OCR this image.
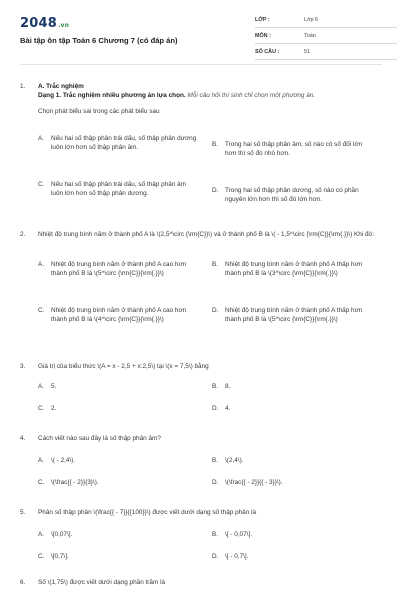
2048.vn
Bài tập ôn tập Toán 6 Chương 7 (có đáp án)
LỚP :	Lớp 6
MÔN :	Toán
SỐ CÂU :	51
1. A. Trắc nghiệm
Dạng 1. Trắc nghiệm nhiều phương án lựa chọn. Mỗi câu hỏi thí sinh chỉ chọn một phương án.
Chọn phát biểu sai trong các phát biểu sau
A. Nếu hai số thập phân trái dấu, số thập phân dương luôn lớn hơn số thập phân âm.	B. Trong hai số thập phân âm, số nào có số đối lớn hơn thì số đó nhỏ hơn.
C. Nếu hai số thập phân trái dấu, số thập phân âm luôn lớn hơn số thập phân dương.	D. Trong hai số thập phân dương, số nào có phần nguyên lớn hơn thì số đó lớn hơn.
2. Nhiệt độ trung bình năm ở thành phố A là \(2,5^\circ {\rm{C}}\) và ở thành phố B là \( - 1,5^\circ {\rm{C}}{\rm{.}}\) Khi đó:
A. Nhiệt độ trung bình năm ở thành phố A cao hơn thành phố B là \(5^\circ {\rm{C}}{\rm{.}}\)
B. Nhiệt độ trung bình năm ở thành phố A thấp hơn thành phố B là \(3^\circ {\rm{C}}{\rm{.}}\)
C. Nhiệt độ trung bình năm ở thành phố A cao hơn thành phố B là \(4^\circ {\rm{C}}{\rm{.}}\)
D. Nhiệt độ trung bình năm ở thành phố A thấp hơn thành phố B là \(5^\circ {\rm{C}}{\rm{.}}\)
3. Giá trị của biểu thức \(A = x - 2,5 + x:2,5\) tại \(x = 7,5\) bằng
A. 5.	B. 8.
C. 2.	D. 4.
4. Cách viết nào sau đây là số thập phân âm?
A. \( - 2,4\).	B. \(2,4\).
C. \(\frac{{ - 2}}{3}\).	D. \(\frac{{ - 2}}{{ - 3}}\).
5. Phân số thập phân \(\frac{{ - 7}}{{100}}\) được viết dưới dạng số thập phân là
A. \[0,07\].	B. \[ - 0,07\].
C. \[0,7\].	D. \[ - 0,7\].
6. Số \(1,75\) được viết dưới dạng phần trăm là
